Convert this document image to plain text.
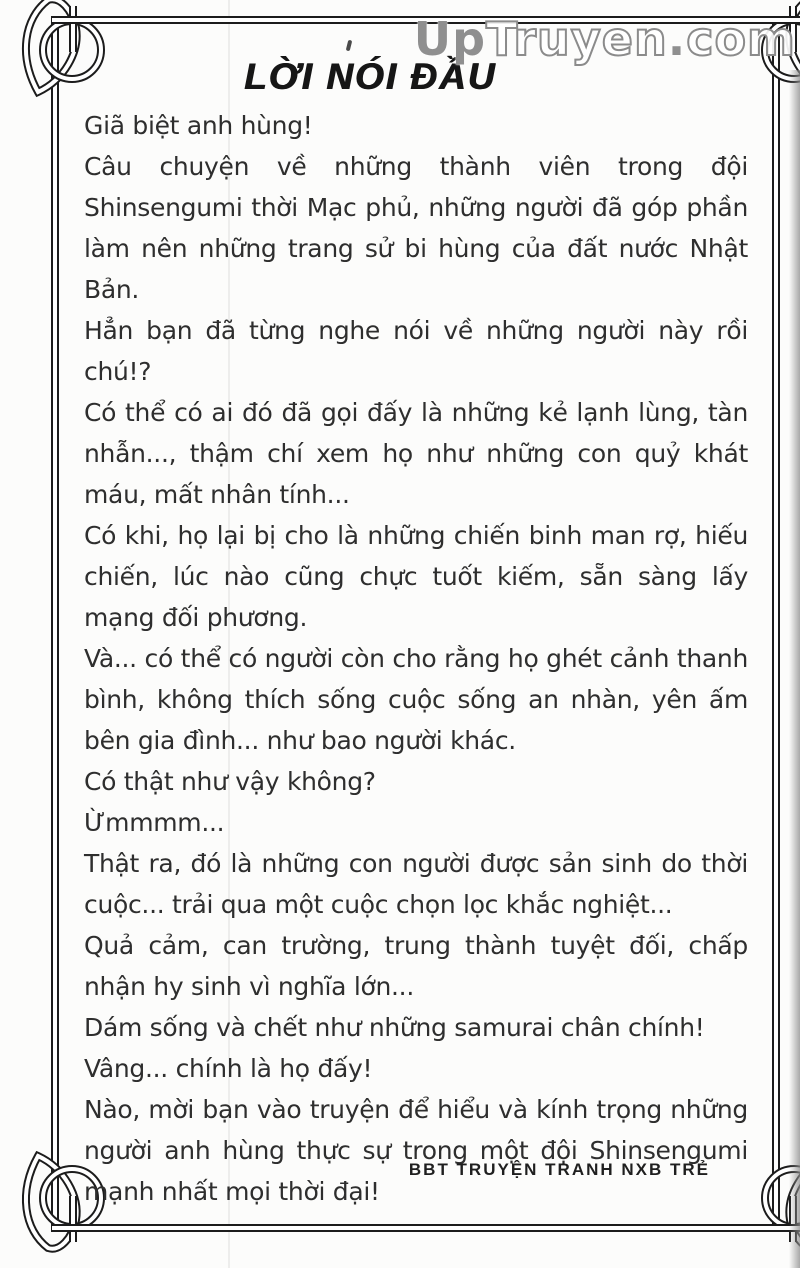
UpTruyen.com
LỜI NÓI ĐẦU

Giã biệt anh hùng!

Câu chuyện về những thành viên trong đội Shinsengumi thời Mạc phủ, những người đã góp phần làm nên những trang sử bi hùng của đất nước Nhật Bản.

Hẳn bạn đã từng nghe nói về những người này rồi chú!?

Có thể có ai đó đã gọi đấy là những kẻ lạnh lùng, tàn nhẫn..., thậm chí xem họ như những con quỷ khát máu, mất nhân tính...

Có khi, họ lại bị cho là những chiến binh man rợ, hiếu chiến, lúc nào cũng chực tuốt kiếm, sẵn sàng lấy mạng đối phương.

Và... có thể có người còn cho rằng họ ghét cảnh thanh bình, không thích sống cuộc sống an nhàn, yên ấm bên gia đình... như bao người khác.

Có thật như vậy không?

Ừmmmm...

Thật ra, đó là những con người được sản sinh do thời cuộc... trải qua một cuộc chọn lọc khắc nghiệt...

Quả cảm, can trường, trung thành tuyệt đối, chấp nhận hy sinh vì nghĩa lớn...

Dám sống và chết như những samurai chân chính!

Vâng... chính là họ đấy!

Nào, mời bạn vào truyện để hiểu và kính trọng những người anh hùng thực sự trong một đội Shinsengumi mạnh nhất mọi thời đại!

BBT TRUYỆN TRANH NXB TRẺ
